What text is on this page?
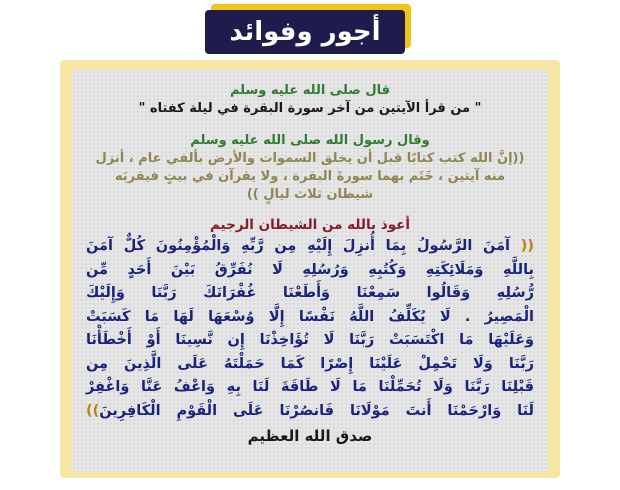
أجور وفوائد

قال صلى الله عليه وسلم

" من قرأ الآيتين من آخر سورة البقرة في ليلة كفتاه "

وقال رسول الله صلى الله عليه وسلم

((إنَّ الله كتب كتابًا قبل أن يخلق السموات والأرض بألفي عام ، أنزل

منه آيتين ، خَتَم بهما سورةَ البقرة ، ولا يقرآن في بيتٍ فيقربَه

شيطان ثلاث ليالٍ ))

أعوذ بالله من الشيطان الرجيم

(( آمَنَ الرَّسُولُ بِمَا أُنزِلَ إِلَيْهِ مِن رَّبِّهِ وَالْمُؤْمِنُونَ كُلٌّ آمَنَ

بِاللَّهِ وَمَلَائِكَتِهِ وَكُتُبِهِ وَرُسُلِهِ لَا نُفَرِّقُ بَيْنَ أَحَدٍ مِّن

رُّسُلِهِ وَقَالُوا سَمِعْنَا وَأَطَعْنَا غُفْرَانَكَ رَبَّنَا وَإِلَيْكَ

الْمَصِيرُ . لَا يُكَلِّفُ اللَّهُ نَفْسًا إِلَّا وُسْعَهَا لَهَا مَا كَسَبَتْ

وَعَلَيْهَا مَا اكْتَسَبَتْ رَبَّنَا لَا تُؤَاخِذْنَا إِن نَّسِينَا أَوْ أَخْطَأْنَا

رَبَّنَا وَلَا تَحْمِلْ عَلَيْنَا إِصْرًا كَمَا حَمَلْتَهُ عَلَى الَّذِينَ مِن

قَبْلِنَا رَبَّنَا وَلَا تُحَمِّلْنَا مَا لَا طَاقَةَ لَنَا بِهِ وَاعْفُ عَنَّا وَاغْفِرْ

لَنَا وَارْحَمْنَا أَنتَ مَوْلَانَا فَانصُرْنَا عَلَى الْقَوْمِ الْكَافِرِينَ))

صدق الله العظيم
